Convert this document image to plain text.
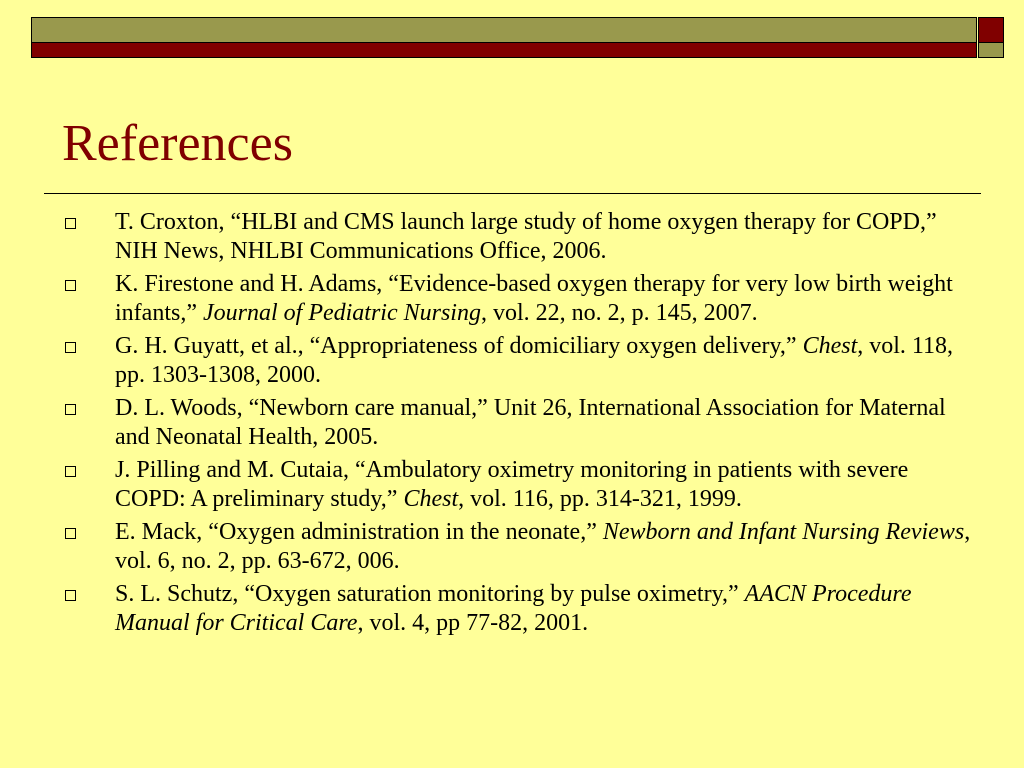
References
T. Croxton, “HLBI and CMS launch large study of home oxygen therapy for COPD,” NIH News, NHLBI Communications Office, 2006.
K. Firestone and H. Adams, “Evidence-based oxygen therapy for very low birth weight infants,” Journal of Pediatric Nursing, vol. 22, no. 2, p. 145, 2007.
G. H. Guyatt, et al., “Appropriateness of domiciliary oxygen delivery,” Chest, vol. 118, pp. 1303-1308, 2000.
D. L. Woods, “Newborn care manual,” Unit 26, International Association for Maternal and Neonatal Health, 2005.
J. Pilling and M. Cutaia, “Ambulatory oximetry monitoring in patients with severe COPD: A preliminary study,” Chest, vol. 116, pp. 314-321, 1999.
E. Mack, “Oxygen administration in the neonate,” Newborn and Infant Nursing Reviews, vol. 6, no. 2, pp. 63-672, 006.
S. L. Schutz, “Oxygen saturation monitoring by pulse oximetry,” AACN Procedure Manual for Critical Care, vol. 4, pp 77-82, 2001.
